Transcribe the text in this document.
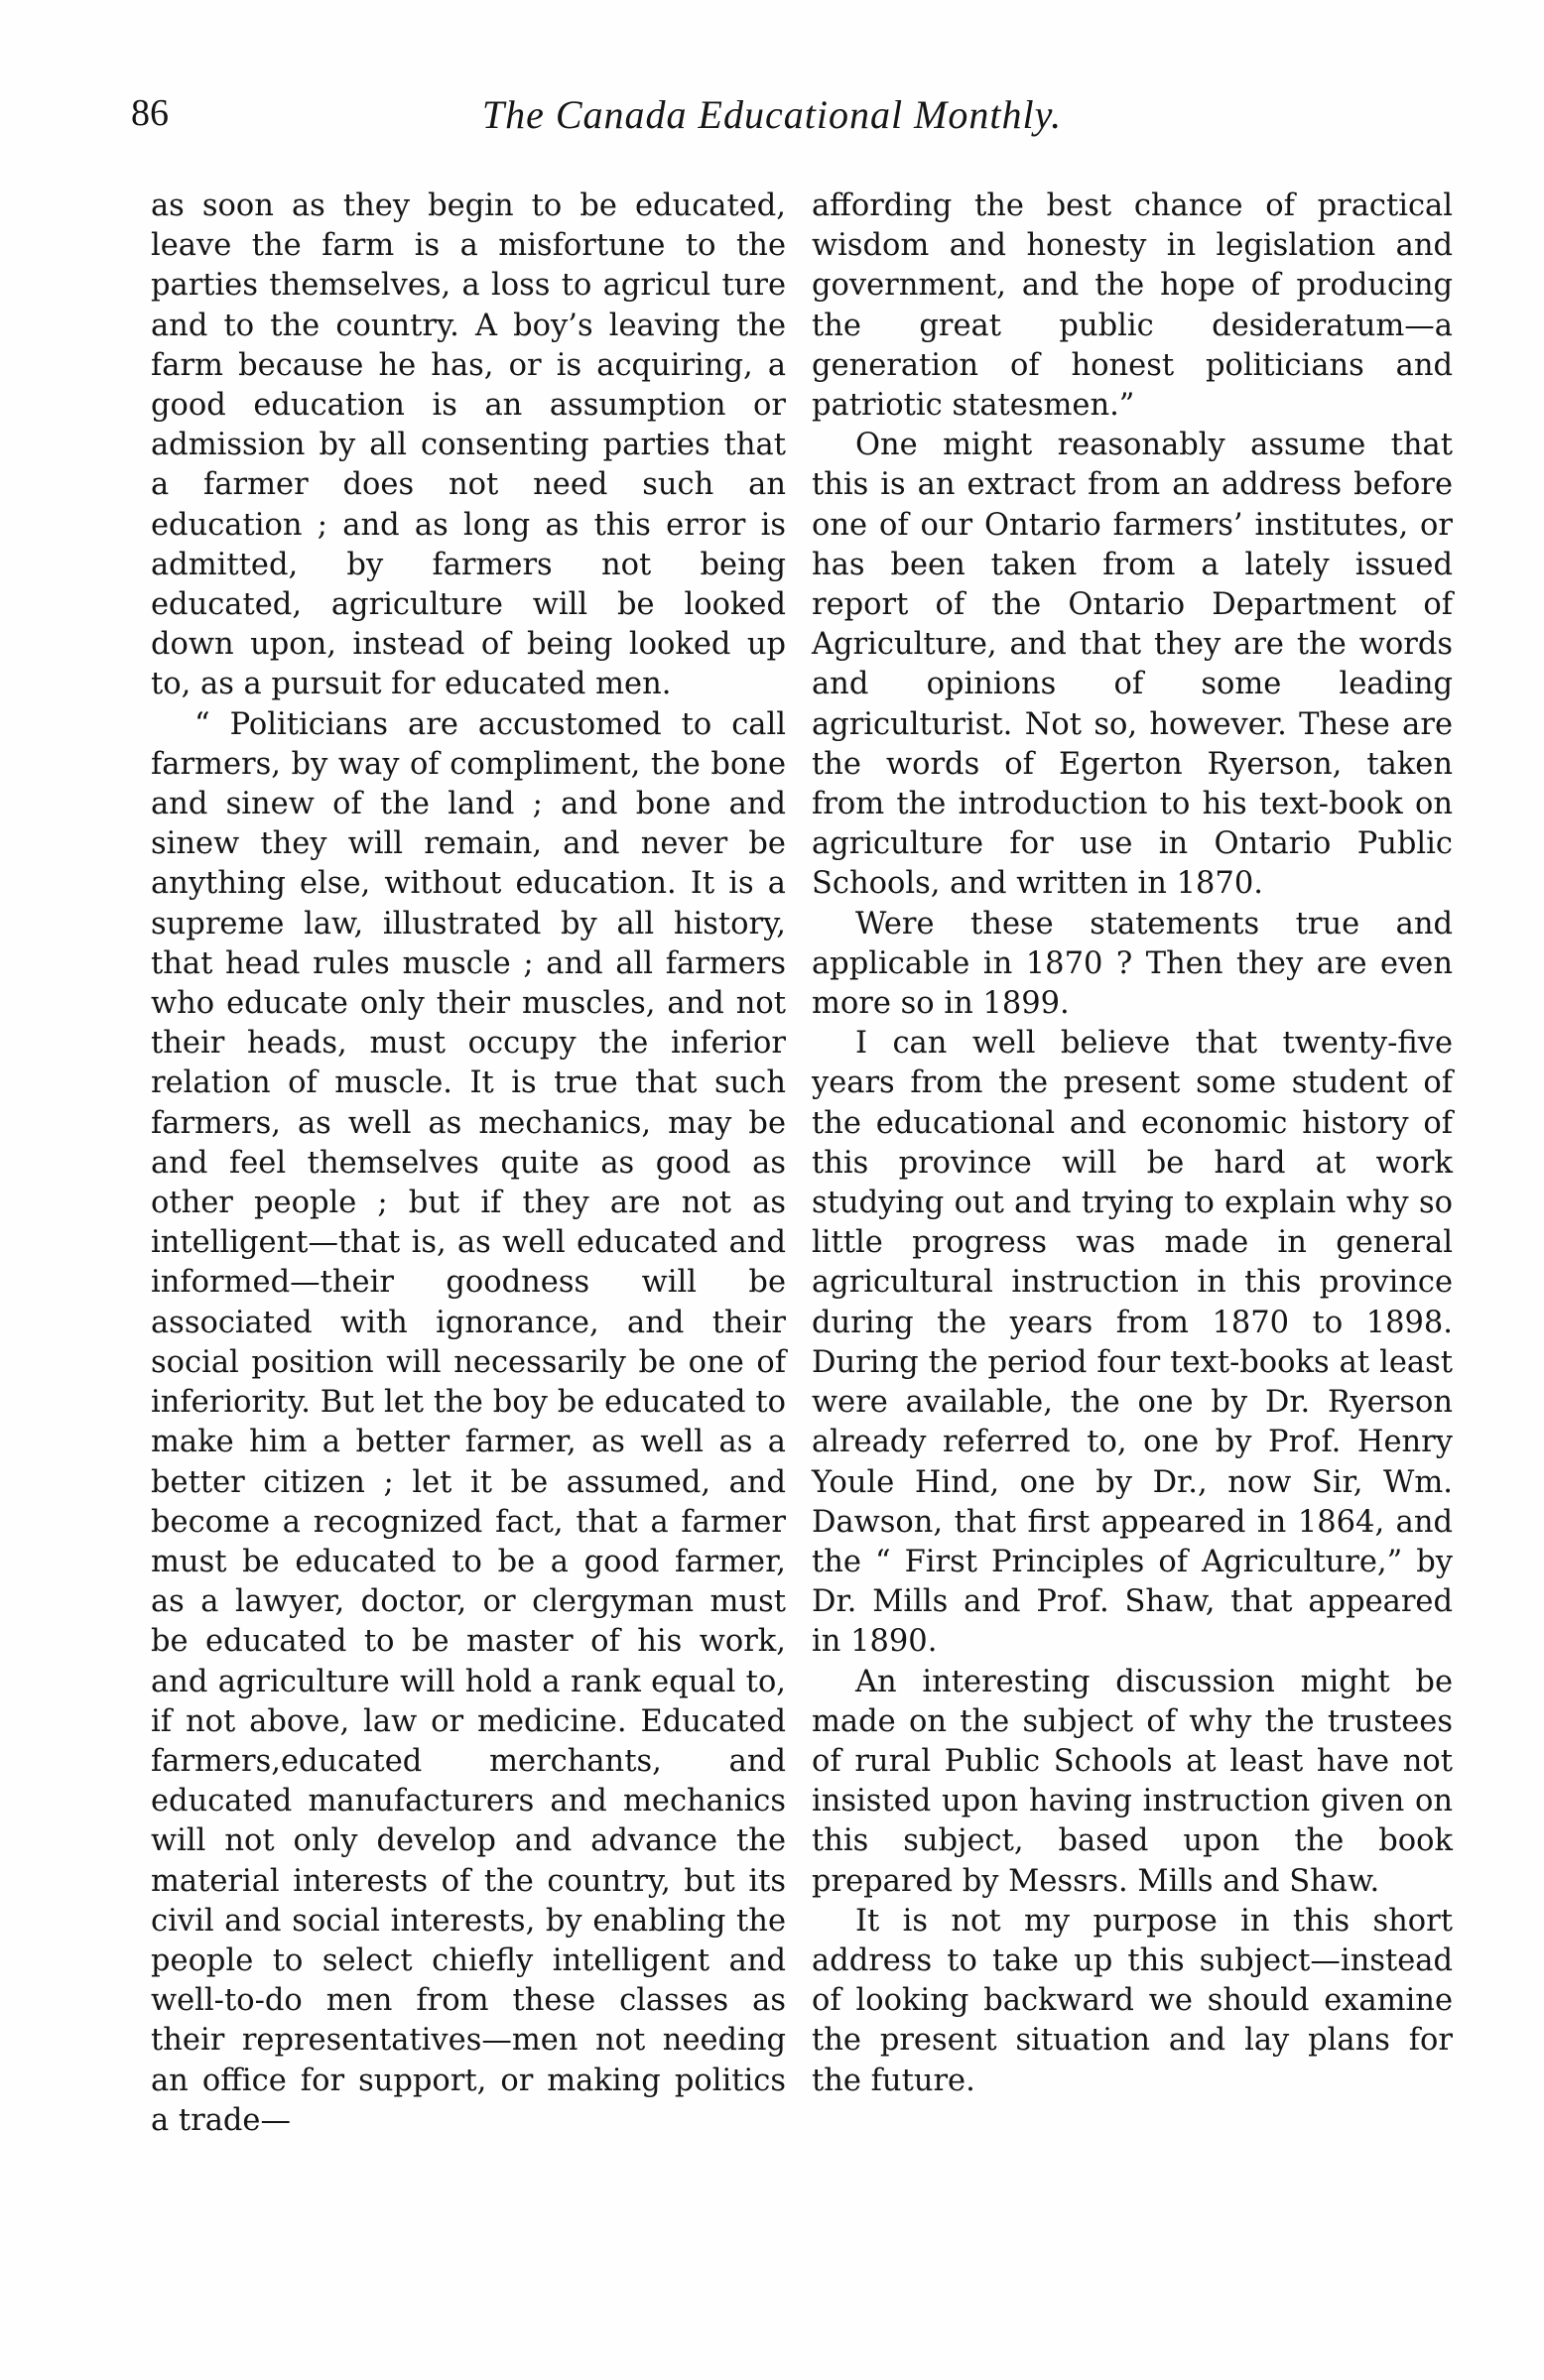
86	The Canada Educational Monthly.

as soon as they begin to be educated, leave the farm is a misfortune to the parties themselves, a loss to agricul ture and to the country. A boy’s leaving the farm because he has, or is acquiring, a good education is an assumption or admission by all consenting parties that a farmer does not need such an education ; and as long as this error is admitted, by farmers not being educated, agriculture will be looked down upon, instead of being looked up to, as a pursuit for educated men.

“ Politicians are accustomed to call farmers, by way of compliment, the bone and sinew of the land ; and bone and sinew they will remain, and never be anything else, without education. It is a supreme law, illustrated by all history, that head rules muscle ; and all farmers who educate only their muscles, and not their heads, must occupy the inferior relation of muscle. It is true that such farmers, as well as mechanics, may be and feel themselves quite as good as other people ; but if they are not as intelligent—that is, as well educated and informed—their goodness will be associated with ignorance, and their social position will necessarily be one of inferiority. But let the boy be educated to make him a better farmer, as well as a better citizen ; let it be assumed, and become a recognized fact, that a farmer must be educated to be a good farmer, as a lawyer, doctor, or clergyman must be educated to be master of his work, and agriculture will hold a rank equal to, if not above, law or medicine. Educated farmers,educated merchants, and educated manufacturers and mechanics will not only develop and advance the material interests of the country, but its civil and social interests, by enabling the people to select chiefly intelligent and well-to-do men from these classes as their representatives—men not needing an office for support, or making politics a trade—

affording the best chance of practical wisdom and honesty in legislation and government, and the hope of producing the great public desideratum—a generation of honest politicians and patriotic statesmen.”

One might reasonably assume that this is an extract from an address before one of our Ontario farmers’ institutes, or has been taken from a lately issued report of the Ontario Department of Agriculture, and that they are the words and opinions of some leading agriculturist. Not so, however. These are the words of Egerton Ryerson, taken from the introduction to his text-book on agriculture for use in Ontario Public Schools, and written in 1870.

Were these statements true and applicable in 1870 ? Then they are even more so in 1899.

I can well believe that twenty-five years from the present some student of the educational and economic history of this province will be hard at work studying out and trying to explain why so little progress was made in general agricultural instruction in this province during the years from 1870 to 1898. During the period four text-books at least were available, the one by Dr. Ryerson already referred to, one by Prof. Henry Youle Hind, one by Dr., now Sir, Wm. Dawson, that first appeared in 1864, and the “ First Principles of Agriculture,” by Dr. Mills and Prof. Shaw, that appeared in 1890.

An interesting discussion might be made on the subject of why the trustees of rural Public Schools at least have not insisted upon having instruction given on this subject, based upon the book prepared by Messrs. Mills and Shaw.

It is not my purpose in this short address to take up this subject—instead of looking backward we should examine the present situation and lay plans for the future.
